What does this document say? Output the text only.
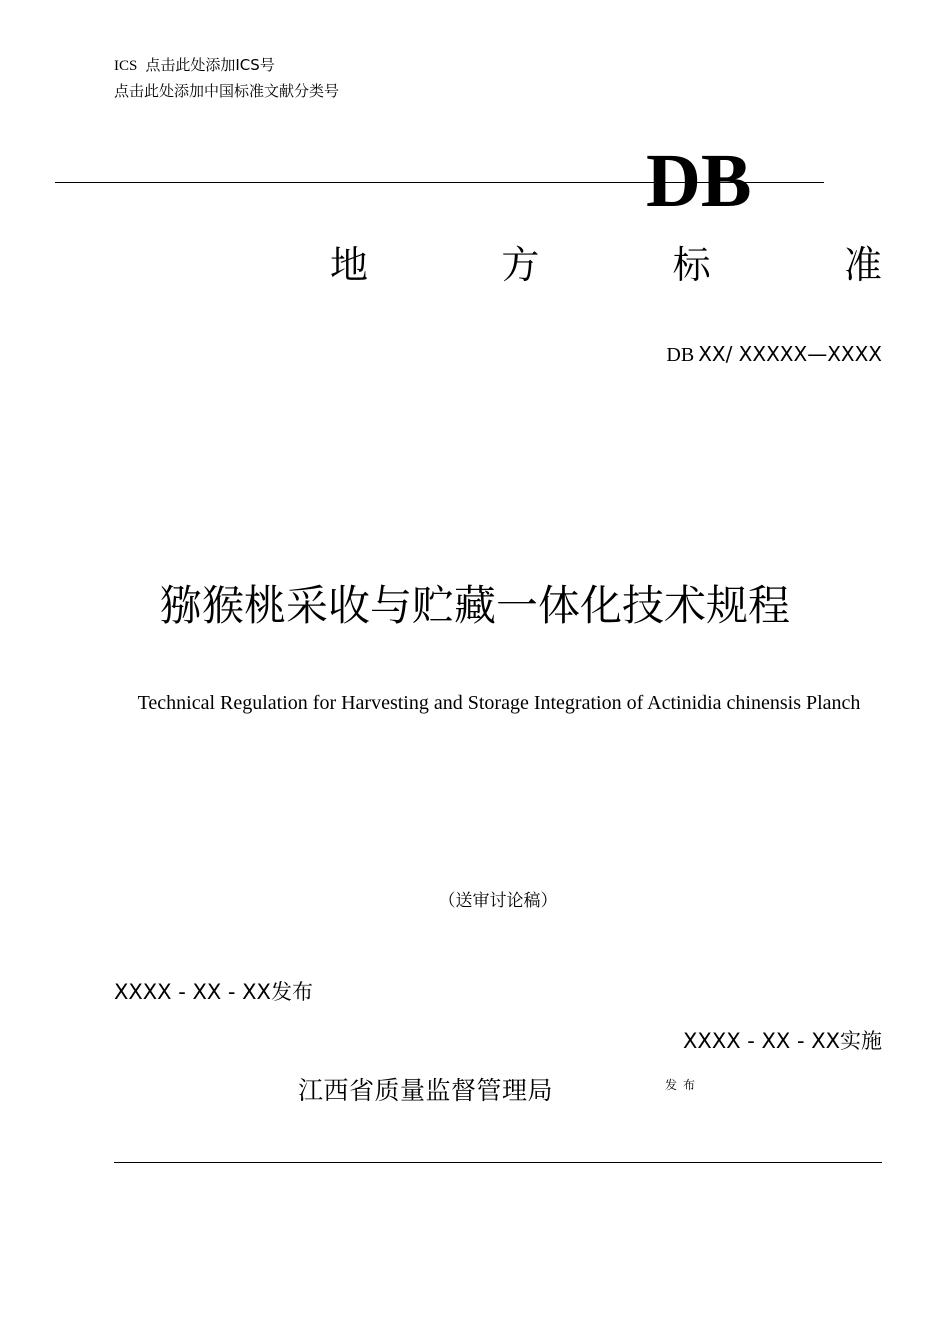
ICS 点击此处添加ICS号
点击此处添加中国标准文献分类号
DB
地	方	标	准
DB XX/ XXXXX—XXXX
猕猴桃采收与贮藏一体化技术规程
Technical Regulation for Harvesting and Storage Integration of Actinidia chinensis Planch
（送审讨论稿）
XXXX - XX - XX发布
XXXX - XX - XX实施
江西省质量监督管理局	发布
